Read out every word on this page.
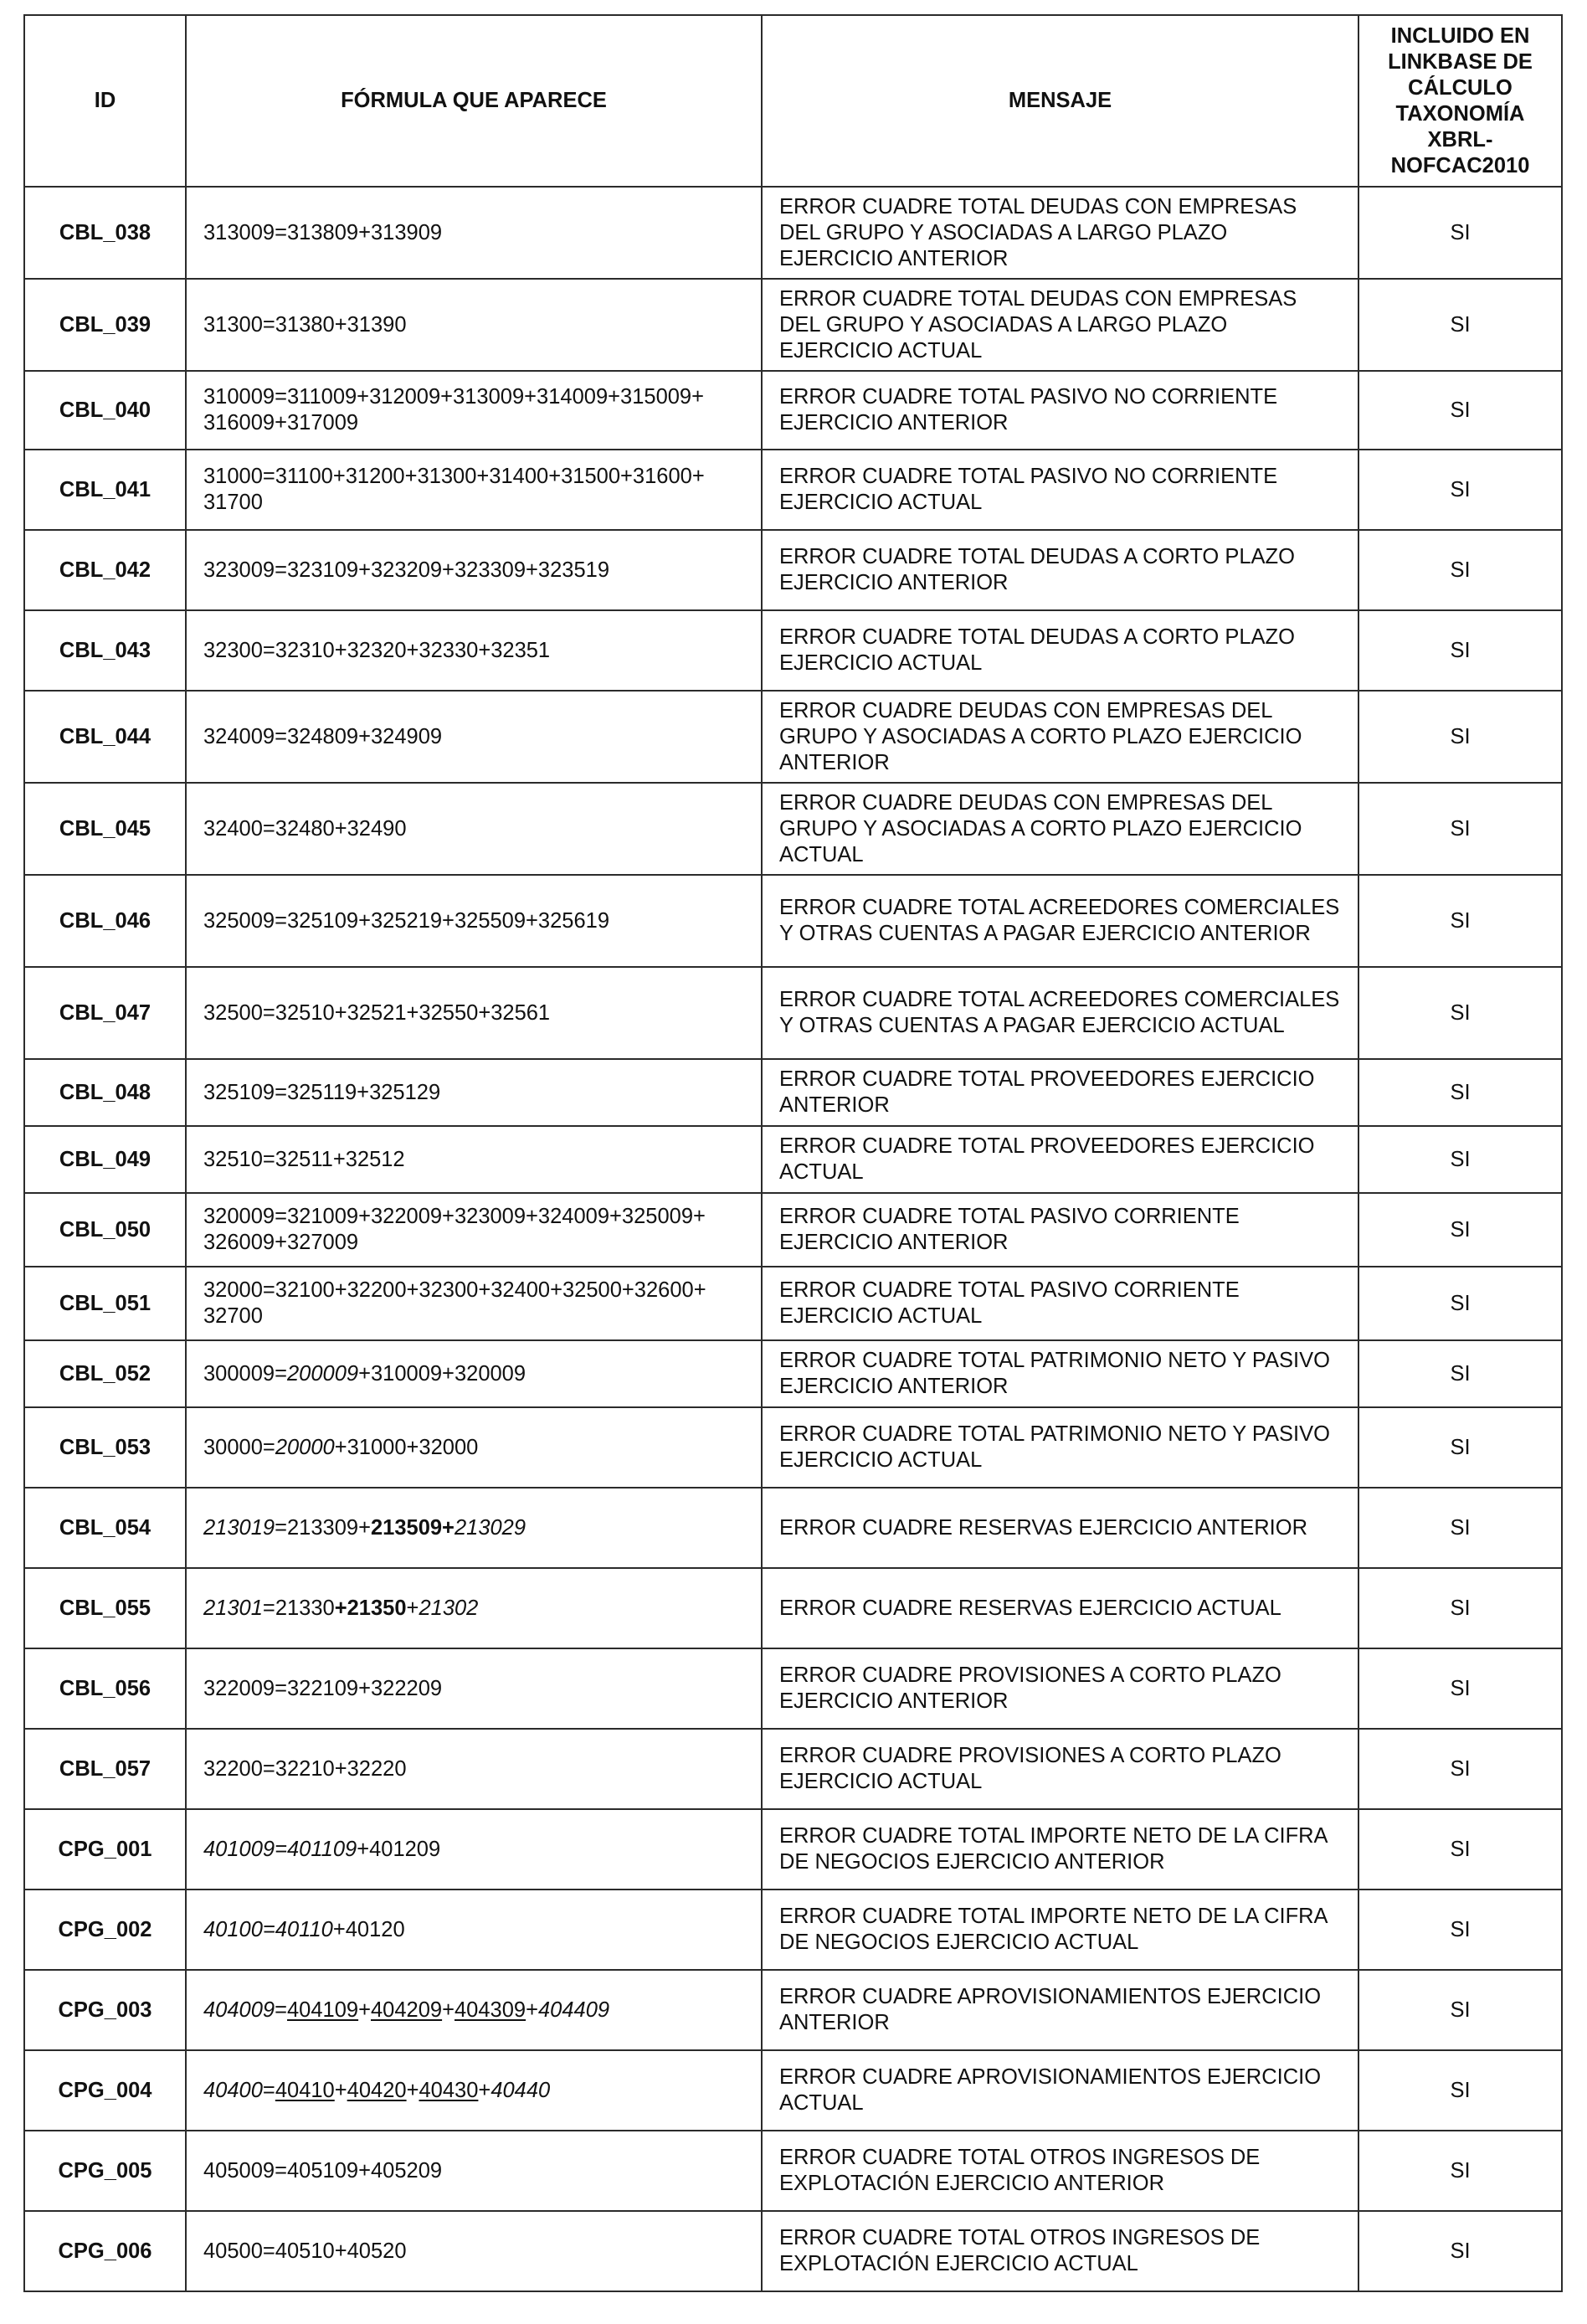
ID	FÓRMULA QUE APARECE	MENSAJE	INCLUIDO EN LINKBASE DE CÁLCULO TAXONOMÍA XBRL-NOFCAC2010
CBL_038	313009=313809+313909	ERROR CUADRE TOTAL DEUDAS CON EMPRESAS DEL GRUPO Y ASOCIADAS A LARGO PLAZO EJERCICIO ANTERIOR	SI
CBL_039	31300=31380+31390	ERROR CUADRE TOTAL DEUDAS CON EMPRESAS DEL GRUPO Y ASOCIADAS A LARGO PLAZO EJERCICIO ACTUAL	SI
CBL_040	310009=311009+312009+313009+314009+315009+ 316009+317009	ERROR CUADRE TOTAL PASIVO NO CORRIENTE EJERCICIO ANTERIOR	SI
CBL_041	31000=31100+31200+31300+31400+31500+31600+ 31700	ERROR CUADRE TOTAL PASIVO NO CORRIENTE EJERCICIO ACTUAL	SI
CBL_042	323009=323109+323209+323309+323519	ERROR CUADRE TOTAL DEUDAS A CORTO PLAZO EJERCICIO ANTERIOR	SI
CBL_043	32300=32310+32320+32330+32351	ERROR CUADRE TOTAL DEUDAS A CORTO PLAZO EJERCICIO ACTUAL	SI
CBL_044	324009=324809+324909	ERROR CUADRE DEUDAS CON EMPRESAS DEL GRUPO Y ASOCIADAS A CORTO PLAZO EJERCICIO ANTERIOR	SI
CBL_045	32400=32480+32490	ERROR CUADRE DEUDAS CON EMPRESAS DEL GRUPO Y ASOCIADAS A CORTO PLAZO EJERCICIO ACTUAL	SI
CBL_046	325009=325109+325219+325509+325619	ERROR CUADRE TOTAL ACREEDORES COMERCIALES Y OTRAS CUENTAS A PAGAR EJERCICIO ANTERIOR	SI
CBL_047	32500=32510+32521+32550+32561	ERROR CUADRE TOTAL ACREEDORES COMERCIALES Y OTRAS CUENTAS A PAGAR EJERCICIO ACTUAL	SI
CBL_048	325109=325119+325129	ERROR CUADRE TOTAL PROVEEDORES EJERCICIO ANTERIOR	SI
CBL_049	32510=32511+32512	ERROR CUADRE TOTAL PROVEEDORES EJERCICIO ACTUAL	SI
CBL_050	320009=321009+322009+323009+324009+325009+ 326009+327009	ERROR CUADRE TOTAL PASIVO CORRIENTE EJERCICIO ANTERIOR	SI
CBL_051	32000=32100+32200+32300+32400+32500+32600+ 32700	ERROR CUADRE TOTAL PASIVO CORRIENTE EJERCICIO ACTUAL	SI
CBL_052	300009=200009+310009+320009	ERROR CUADRE TOTAL PATRIMONIO NETO Y PASIVO EJERCICIO ANTERIOR	SI
CBL_053	30000=20000+31000+32000	ERROR CUADRE TOTAL PATRIMONIO NETO Y PASIVO EJERCICIO ACTUAL	SI
CBL_054	213019=213309+213509+213029	ERROR CUADRE RESERVAS EJERCICIO ANTERIOR	SI
CBL_055	21301=21330+21350+21302	ERROR CUADRE RESERVAS EJERCICIO ACTUAL	SI
CBL_056	322009=322109+322209	ERROR CUADRE PROVISIONES A CORTO PLAZO EJERCICIO ANTERIOR	SI
CBL_057	32200=32210+32220	ERROR CUADRE PROVISIONES A CORTO PLAZO EJERCICIO ACTUAL	SI
CPG_001	401009=401109+401209	ERROR CUADRE TOTAL IMPORTE NETO DE LA CIFRA DE NEGOCIOS EJERCICIO ANTERIOR	SI
CPG_002	40100=40110+40120	ERROR CUADRE TOTAL IMPORTE NETO DE LA CIFRA DE NEGOCIOS EJERCICIO ACTUAL	SI
CPG_003	404009=404109+404209+404309+404409	ERROR CUADRE APROVISIONAMIENTOS EJERCICIO ANTERIOR	SI
CPG_004	40400=40410+40420+40430+40440	ERROR CUADRE APROVISIONAMIENTOS EJERCICIO ACTUAL	SI
CPG_005	405009=405109+405209	ERROR CUADRE TOTAL OTROS INGRESOS DE EXPLOTACIÓN EJERCICIO ANTERIOR	SI
CPG_006	40500=40510+40520	ERROR CUADRE TOTAL OTROS INGRESOS DE EXPLOTACIÓN EJERCICIO ACTUAL	SI
